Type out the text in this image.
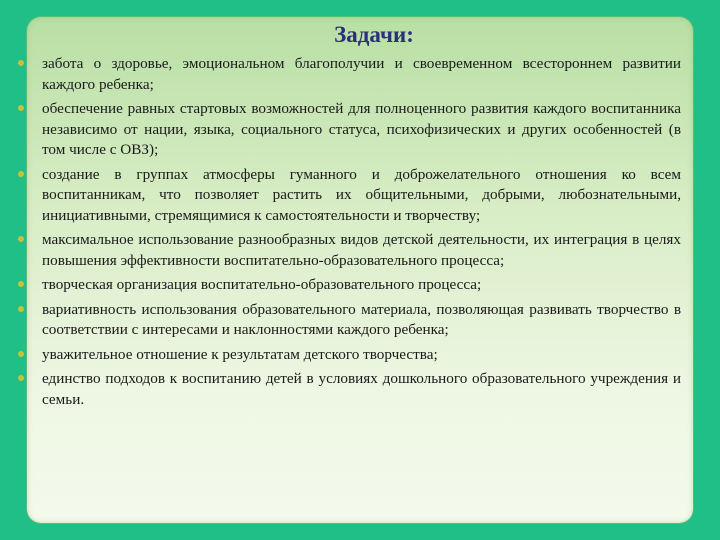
Задачи:
забота о здоровье, эмоциональном благополучии и своевременном всестороннем развитии каждого ребенка;
обеспечение равных стартовых возможностей для полноценного развития каждого воспитанника независимо от нации, языка, социального статуса, психофизических и других особенностей (в том числе с ОВЗ);
создание в группах атмосферы гуманного и доброжелательного отношения ко всем воспитанникам, что позволяет растить их общительными, добрыми, любознательными, инициативными, стремящимися к самостоятельности и творчеству;
максимальное использование разнообразных видов детской деятельности, их интеграция в целях повышения эффективности воспитательно-образовательного процесса;
творческая организация воспитательно-образовательного процесса;
вариативность использования образовательного материала, позволяющая развивать творчество в соответствии с интересами и наклонностями каждого ребенка;
уважительное отношение к результатам детского творчества;
единство подходов к воспитанию детей в условиях дошкольного образовательного учреждения и семьи.
